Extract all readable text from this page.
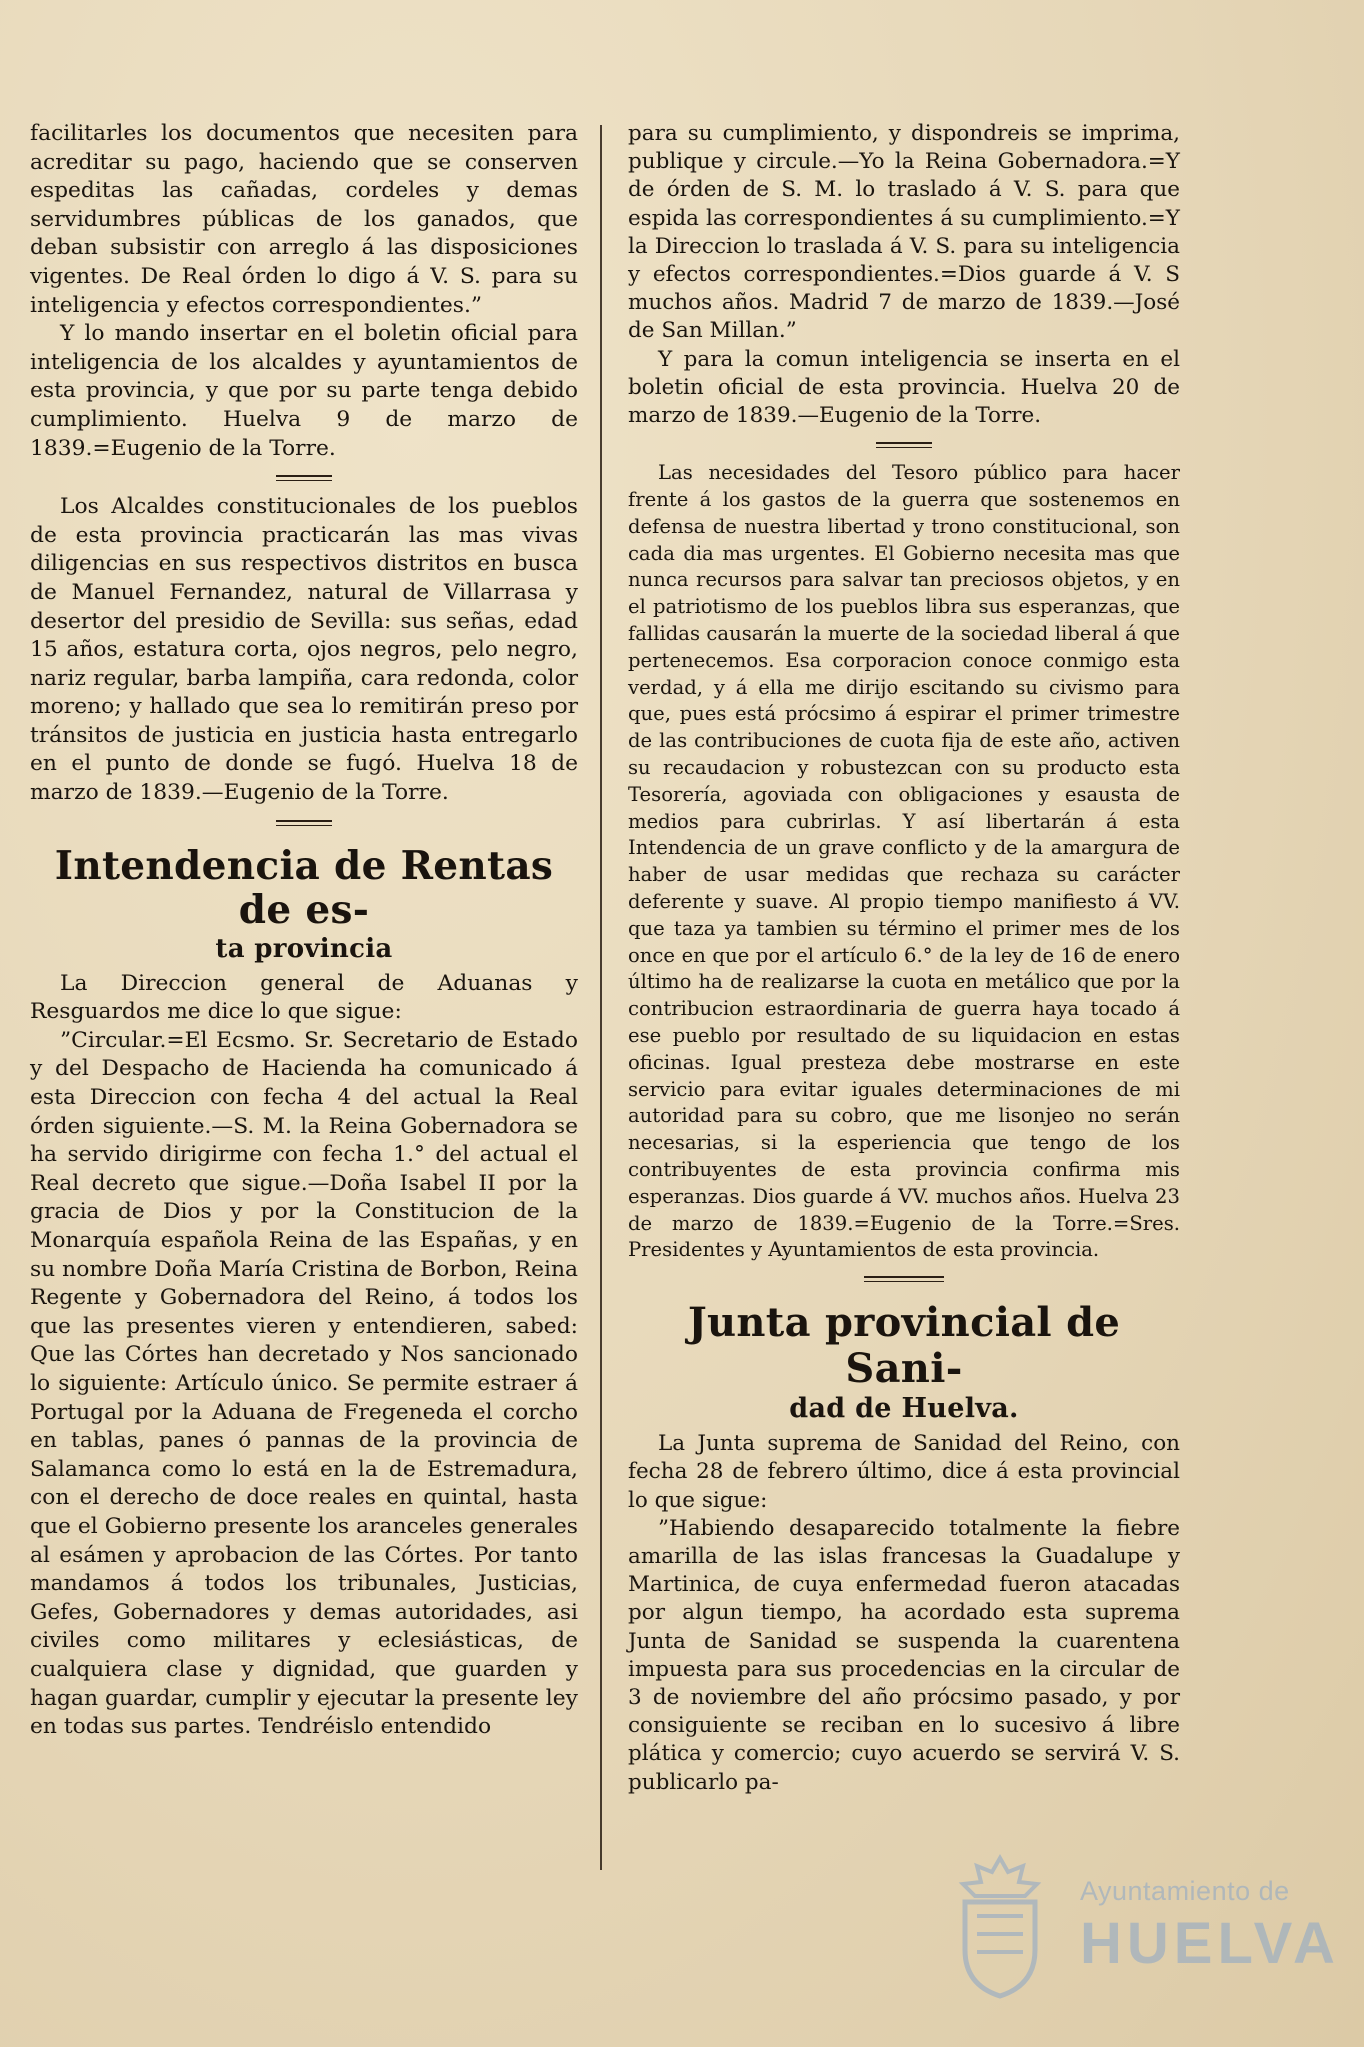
facilitarles los documentos que necesiten para acreditar su pago, haciendo que se conserven espeditas las cañadas, cordeles y demas servidumbres públicas de los ganados, que deban subsistir con arreglo á las disposiciones vigentes. De Real órden lo digo á V. S. para su inteligencia y efectos correspondientes.”

Y lo mando insertar en el boletin oficial para inteligencia de los alcaldes y ayuntamientos de esta provincia, y que por su parte tenga debido cumplimiento. Huelva 9 de marzo de 1839.=Eugenio de la Torre.

Los Alcaldes constitucionales de los pueblos de esta provincia practicarán las mas vivas diligencias en sus respectivos distritos en busca de Manuel Fernandez, natural de Villarrasa y desertor del presidio de Sevilla: sus señas, edad 15 años, estatura corta, ojos negros, pelo negro, nariz regular, barba lampiña, cara redonda, color moreno; y hallado que sea lo remitirán preso por tránsitos de justicia en justicia hasta entregarlo en el punto de donde se fugó. Huelva 18 de marzo de 1839.—Eugenio de la Torre.

Intendencia de Rentas de es-
ta provincia

La Direccion general de Aduanas y Resguardos me dice lo que sigue:

”Circular.=El Ecsmo. Sr. Secretario de Estado y del Despacho de Hacienda ha comunicado á esta Direccion con fecha 4 del actual la Real órden siguiente.—S. M. la Reina Gobernadora se ha servido dirigirme con fecha 1.° del actual el Real decreto que sigue.—Doña Isabel II por la gracia de Dios y por la Constitucion de la Monarquía española Reina de las Españas, y en su nombre Doña María Cristina de Borbon, Reina Regente y Gobernadora del Reino, á todos los que las presentes vieren y entendieren, sabed: Que las Córtes han decretado y Nos sancionado lo siguiente: Artículo único. Se permite estraer á Portugal por la Aduana de Fregeneda el corcho en tablas, panes ó pannas de la provincia de Salamanca como lo está en la de Estremadura, con el derecho de doce reales en quintal, hasta que el Gobierno presente los aranceles generales al esámen y aprobacion de las Córtes. Por tanto mandamos á todos los tribunales, Justicias, Gefes, Gobernadores y demas autoridades, asi civiles como militares y eclesiásticas, de cualquiera clase y dignidad, que guarden y hagan guardar, cumplir y ejecutar la presente ley en todas sus partes. Tendréislo entendido

para su cumplimiento, y dispondreis se imprima, publique y circule.—Yo la Reina Gobernadora.=Y de órden de S. M. lo traslado á V. S. para que espida las correspondientes á su cumplimiento.=Y la Direccion lo traslada á V. S. para su inteligencia y efectos correspondientes.=Dios guarde á V. S muchos años. Madrid 7 de marzo de 1839.—José de San Millan.”

Y para la comun inteligencia se inserta en el boletin oficial de esta provincia. Huelva 20 de marzo de 1839.—Eugenio de la Torre.

Las necesidades del Tesoro público para hacer frente á los gastos de la guerra que sostenemos en defensa de nuestra libertad y trono constitucional, son cada dia mas urgentes. El Gobierno necesita mas que nunca recursos para salvar tan preciosos objetos, y en el patriotismo de los pueblos libra sus esperanzas, que fallidas causarán la muerte de la sociedad liberal á que pertenecemos. Esa corporacion conoce conmigo esta verdad, y á ella me dirijo escitando su civismo para que, pues está prócsimo á espirar el primer trimestre de las contribuciones de cuota fija de este año, activen su recaudacion y robustezcan con su producto esta Tesorería, agoviada con obligaciones y esausta de medios para cubrirlas. Y así libertarán á esta Intendencia de un grave conflicto y de la amargura de haber de usar medidas que rechaza su carácter deferente y suave. Al propio tiempo manifiesto á VV. que taza ya tambien su término el primer mes de los once en que por el artículo 6.° de la ley de 16 de enero último ha de realizarse la cuota en metálico que por la contribucion estraordinaria de guerra haya tocado á ese pueblo por resultado de su liquidacion en estas oficinas. Igual presteza debe mostrarse en este servicio para evitar iguales determinaciones de mi autoridad para su cobro, que me lisonjeo no serán necesarias, si la esperiencia que tengo de los contribuyentes de esta provincia confirma mis esperanzas. Dios guarde á VV. muchos años. Huelva 23 de marzo de 1839.=Eugenio de la Torre.=Sres. Presidentes y Ayuntamientos de esta provincia.

Junta provincial de Sani-
dad de Huelva.

La Junta suprema de Sanidad del Reino, con fecha 28 de febrero último, dice á esta provincial lo que sigue:

”Habiendo desaparecido totalmente la fiebre amarilla de las islas francesas la Guadalupe y Martinica, de cuya enfermedad fueron atacadas por algun tiempo, ha acordado esta suprema Junta de Sanidad se suspenda la cuarentena impuesta para sus procedencias en la circular de 3 de noviembre del año prócsimo pasado, y por consiguiente se reciban en lo sucesivo á libre plática y comercio; cuyo acuerdo se servirá V. S. publicarlo pa-

Ayuntamiento de
HUELVA
